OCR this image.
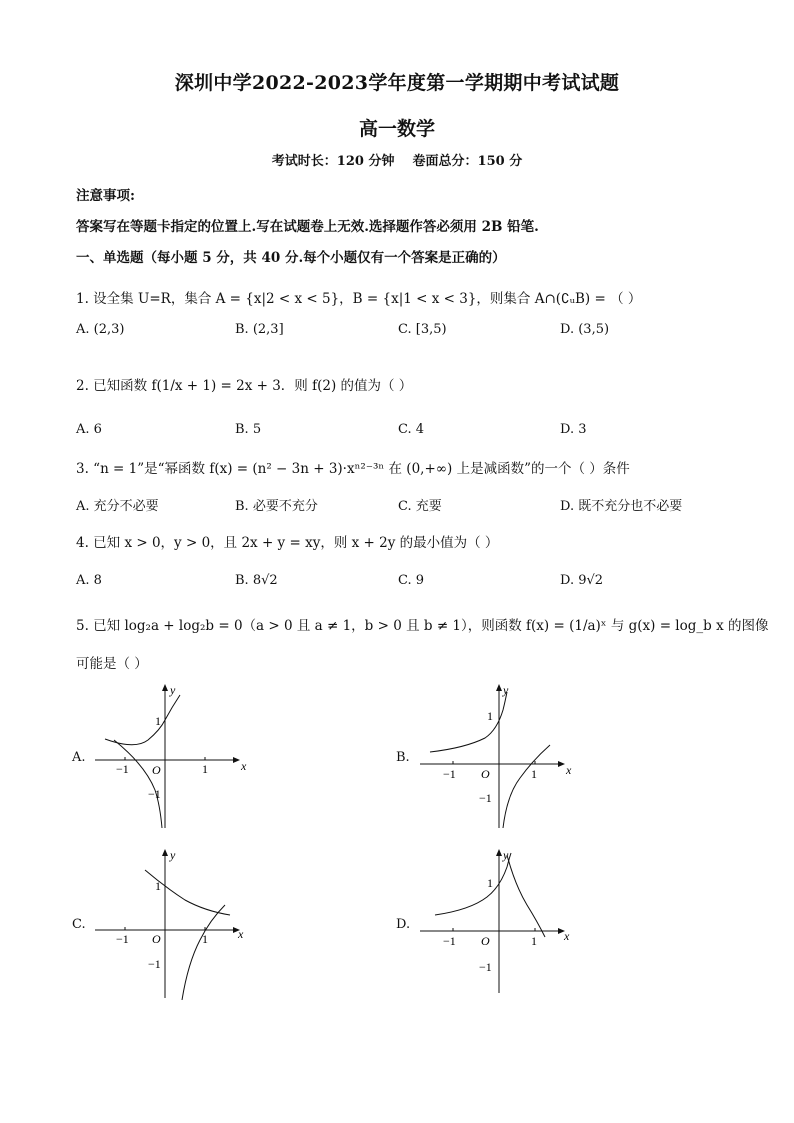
深圳中学2022-2023学年度第一学期期中考试试题
高一数学
考试时长：120 分钟    卷面总分：150 分
注意事项:
答案写在等题卡指定的位置上.写在试题卷上无效.选择题作答必须用 2B 铅笔.
一、单选题（每小题 5 分，共 40 分.每个小题仅有一个答案是正确的）
1. 设全集 U=R，集合 A = {x|2 < x < 5}，B = {x|1 < x < 3}，则集合 A∩(∁ᵤB) = （ ）
A. (2,3)	B. (2,3]	C. [3,5)	D. (3,5)
2. 已知函数 f(1/x + 1) = 2x + 3．则 f(2) 的值为（ ）
A. 6	B. 5	C. 4	D. 3
3. “n = 1”是“幂函数 f(x) = (n² − 3n + 3)·xⁿ²⁻³ⁿ 在 (0,+∞) 上是减函数”的一个（ ）条件
A. 充分不必要	B. 必要不充分	C. 充要	D. 既不充分也不必要
4. 已知 x > 0，y > 0，且 2x + y = xy，则 x + 2y 的最小值为（ ）
A. 8	B. 8√2	C. 9	D. 9√2
5. 已知 log₂a + log₂b = 0（a > 0 且 a ≠ 1，b > 0 且 b ≠ 1），则函数 f(x) = (1/a)ˣ 与 g(x) = log_b x 的图像
可能是（ ）
A.	B.
C.	D.
x
y
O	1
−1
1
−1
x
y
O	1
−1
1
−1
x
y
O	1
−1
1
−1
x
y
O	1
−1
1
−1
